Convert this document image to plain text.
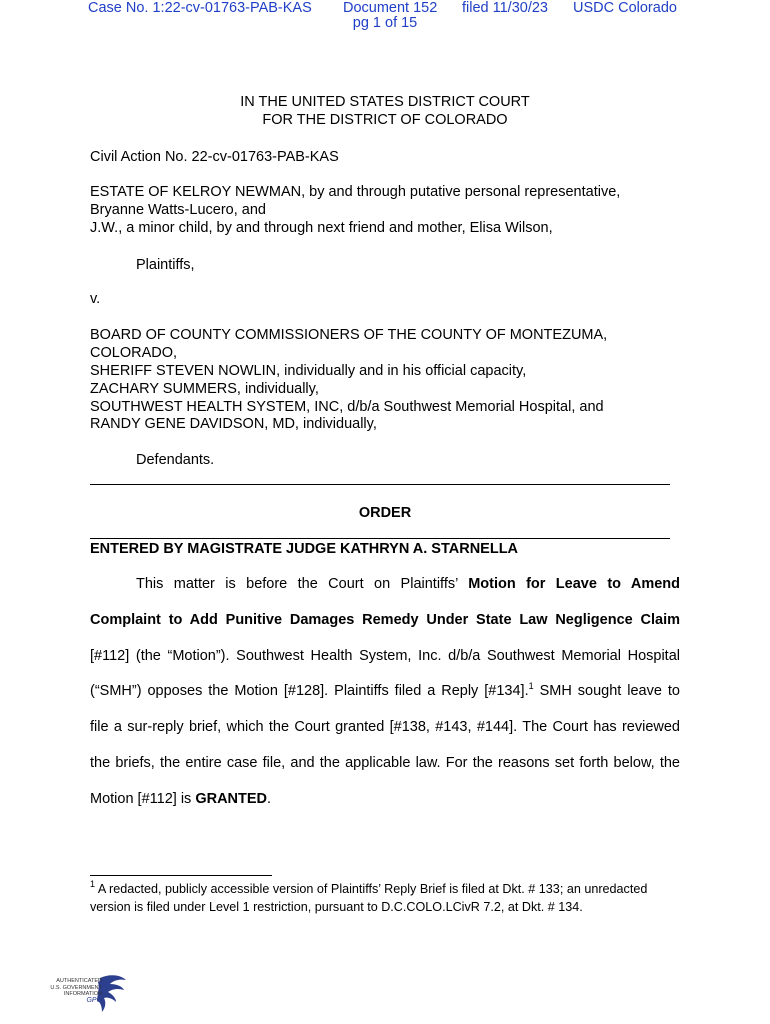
Case No. 1:22-cv-01763-PAB-KAS Document 152 filed 11/30/23 USDC Colorado
pg 1 of 15
IN THE UNITED STATES DISTRICT COURT
FOR THE DISTRICT OF COLORADO
Civil Action No. 22-cv-01763-PAB-KAS
ESTATE OF KELROY NEWMAN, by and through putative personal representative,
Bryanne Watts-Lucero, and
J.W., a minor child, by and through next friend and mother, Elisa Wilson,
Plaintiffs,
v.
BOARD OF COUNTY COMMISSIONERS OF THE COUNTY OF MONTEZUMA,
COLORADO,
SHERIFF STEVEN NOWLIN, individually and in his official capacity,
ZACHARY SUMMERS, individually,
SOUTHWEST HEALTH SYSTEM, INC, d/b/a Southwest Memorial Hospital, and
RANDY GENE DAVIDSON, MD, individually,
Defendants.
ORDER
ENTERED BY MAGISTRATE JUDGE KATHRYN A. STARNELLA
This matter is before the Court on Plaintiffs’ Motion for Leave to Amend
Complaint to Add Punitive Damages Remedy Under State Law Negligence Claim
[#112] (the “Motion”). Southwest Health System, Inc. d/b/a Southwest Memorial Hospital
(“SMH”) opposes the Motion [#128]. Plaintiffs filed a Reply [#134].$^1$ SMH sought leave to
file a sur-reply brief, which the Court granted [#138, #143, #144]. The Court has reviewed
the briefs, the entire case file, and the applicable law. For the reasons set forth below, the
Motion [#112] is GRANTED.
$^1$ A redacted, publicly accessible version of Plaintiffs’ Reply Brief is filed at Dkt. # 133; an unredacted version is filed under Level 1 restriction, pursuant to D.C.COLO.LCivR 7.2, at Dkt. # 134.
AUTHENTICATED
U.S. GOVERNMENT
INFORMATION
GPO
